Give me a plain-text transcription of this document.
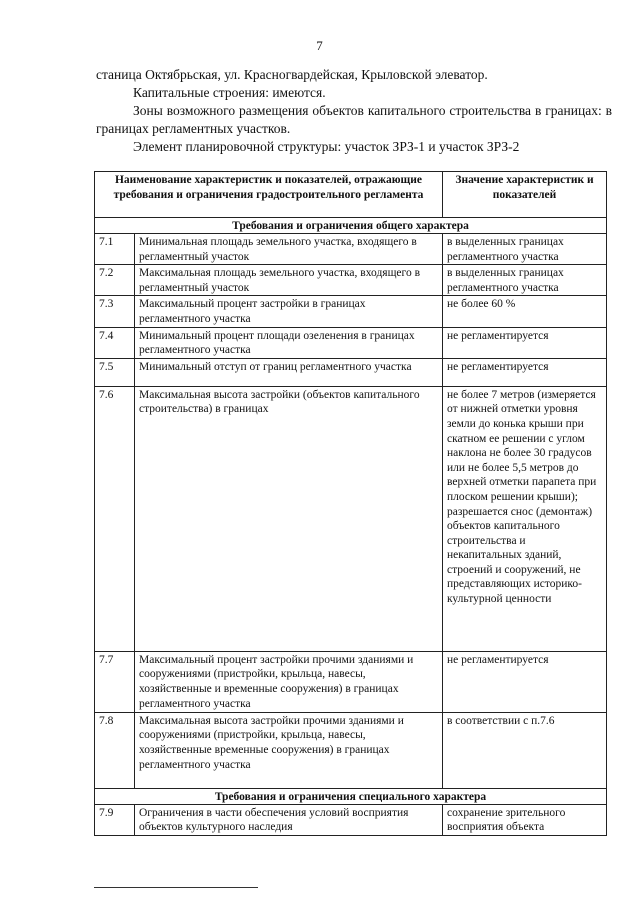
7

станица Октябрьская, ул. Красногвардейская, Крыловской элеватор.

Капитальные строения: имеются.

Зоны возможного размещения объектов капитального строительства в границах: в границах регламентных участков.

Элемент планировочной структуры: участок ЗРЗ-1 и участок ЗРЗ-2

Наименование характеристик и показателей, отражающие требования и ограничения градостроительного регламента		Значение характеристик и показателей
Требования и ограничения общего характера		
7.1	Минимальная площадь земельного участка, входящего в регламентный участок	в выделенных границах регламентного участка
7.2	Максимальная площадь земельного участка, входящего в регламентный участок	в выделенных границах регламентного участка
7.3	Максимальный процент застройки в границах регламентного участка	не более 60 %
7.4	Минимальный процент площади озеленения в границах регламентного участка	не регламентируется
7.5	Минимальный отступ от границ регламентного участка	не регламентируется
7.6	Максимальная высота застройки (объектов капитального строительства) в границах	не более 7 метров (измеряется от нижней отметки уровня земли до конька крыши при скатном ее решении с углом наклона не более 30 градусов или не более 5,5 метров до верхней отметки парапета при плоском решении крыши); разрешается снос (демонтаж) объектов капитального строительства и некапитальных зданий, строений и сооружений, не представляющих историко-культурной ценности
7.7	Максимальный процент застройки прочими зданиями и сооружениями (пристройки, крыльца, навесы, хозяйственные и временные сооружения) в границах регламентного участка	не регламентируется
7.8	Максимальная высота застройки прочими зданиями и сооружениями (пристройки, крыльца, навесы, хозяйственные временные сооружения) в границах регламентного участка	в соответствии с п.7.6
Требования и ограничения специального характера		
7.9	Ограничения в части обеспечения условий восприятия объектов культурного наследия	сохранение зрительного восприятия объекта
